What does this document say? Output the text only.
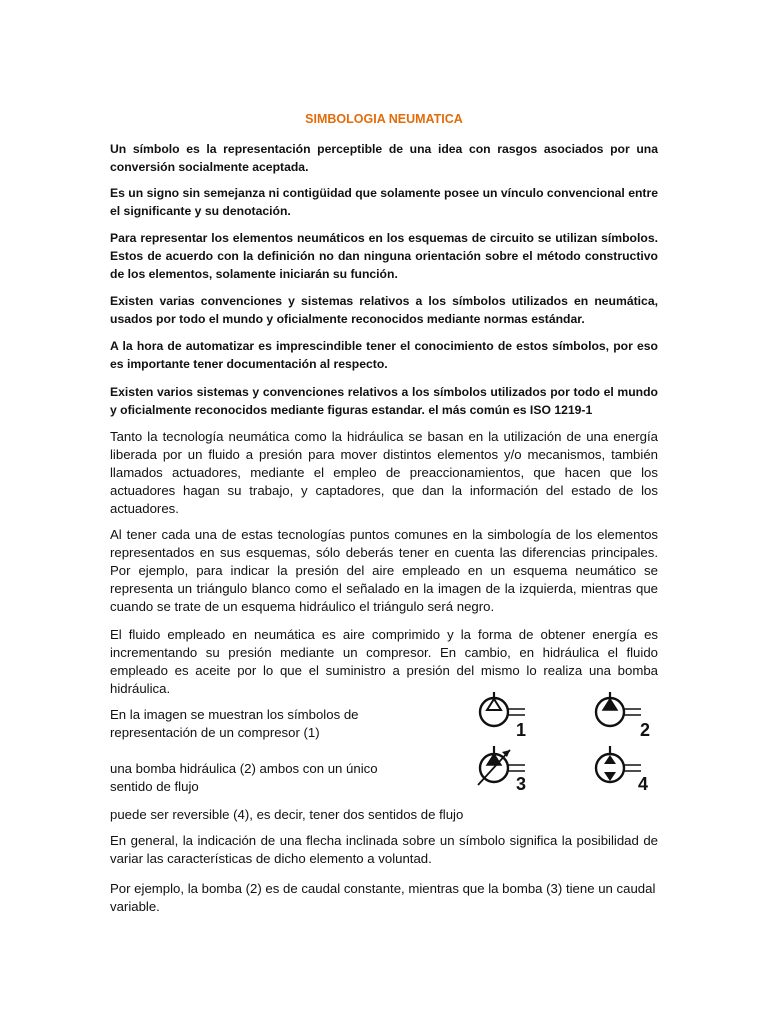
SIMBOLOGIA NEUMATICA

Un símbolo es la representación perceptible de una idea con rasgos asociados por una conversión socialmente aceptada.

Es un signo sin semejanza ni contigüidad que solamente posee un vínculo convencional entre el significante y su denotación.

Para representar los elementos neumáticos en los esquemas de circuito se utilizan símbolos. Estos de acuerdo con la definición no dan ninguna orientación sobre el método constructivo de los elementos, solamente iniciarán su función.

Existen varias convenciones y sistemas relativos a los símbolos utilizados en neumática, usados por todo el mundo y oficialmente reconocidos mediante normas estándar.

A la hora de automatizar es imprescindible tener el conocimiento de estos símbolos, por eso es importante tener documentación al respecto.

Existen varios sistemas y convenciones relativos a los símbolos utilizados por todo el mundo y oficialmente reconocidos mediante figuras estandar. el más común es ISO 1219-1

Tanto la tecnología neumática como la hidráulica se basan en la utilización de una energía liberada por un fluido a presión para mover distintos elementos y/o mecanismos, también llamados actuadores, mediante el empleo de preaccionamientos, que hacen que los actuadores hagan su trabajo, y captadores, que dan la información del estado de los actuadores.

Al tener cada una de estas tecnologías puntos comunes en la simbología de los elementos representados en sus esquemas, sólo deberás tener en cuenta las diferencias principales. Por ejemplo, para indicar la presión del aire empleado en un esquema neumático se representa un triángulo blanco como el señalado en la imagen de la izquierda, mientras que cuando se trate de un esquema hidráulico el triángulo será negro.

El fluido empleado en neumática es aire comprimido y la forma de obtener energía es incrementando su presión mediante un compresor. En cambio, en hidráulica el fluido empleado es aceite por lo que el suministro a presión del mismo lo realiza una bomba hidráulica.

En la imagen se muestran los símbolos de representación de un compresor (1)

una bomba hidráulica (2) ambos con un único sentido de flujo

puede ser reversible (4), es decir, tener dos sentidos de flujo

En general, la indicación de una flecha inclinada sobre un símbolo significa la posibilidad de variar las características de dicho elemento a voluntad.

Por ejemplo, la bomba (2) es de caudal constante, mientras que la bomba (3) tiene un caudal variable.

1	2
3	4
